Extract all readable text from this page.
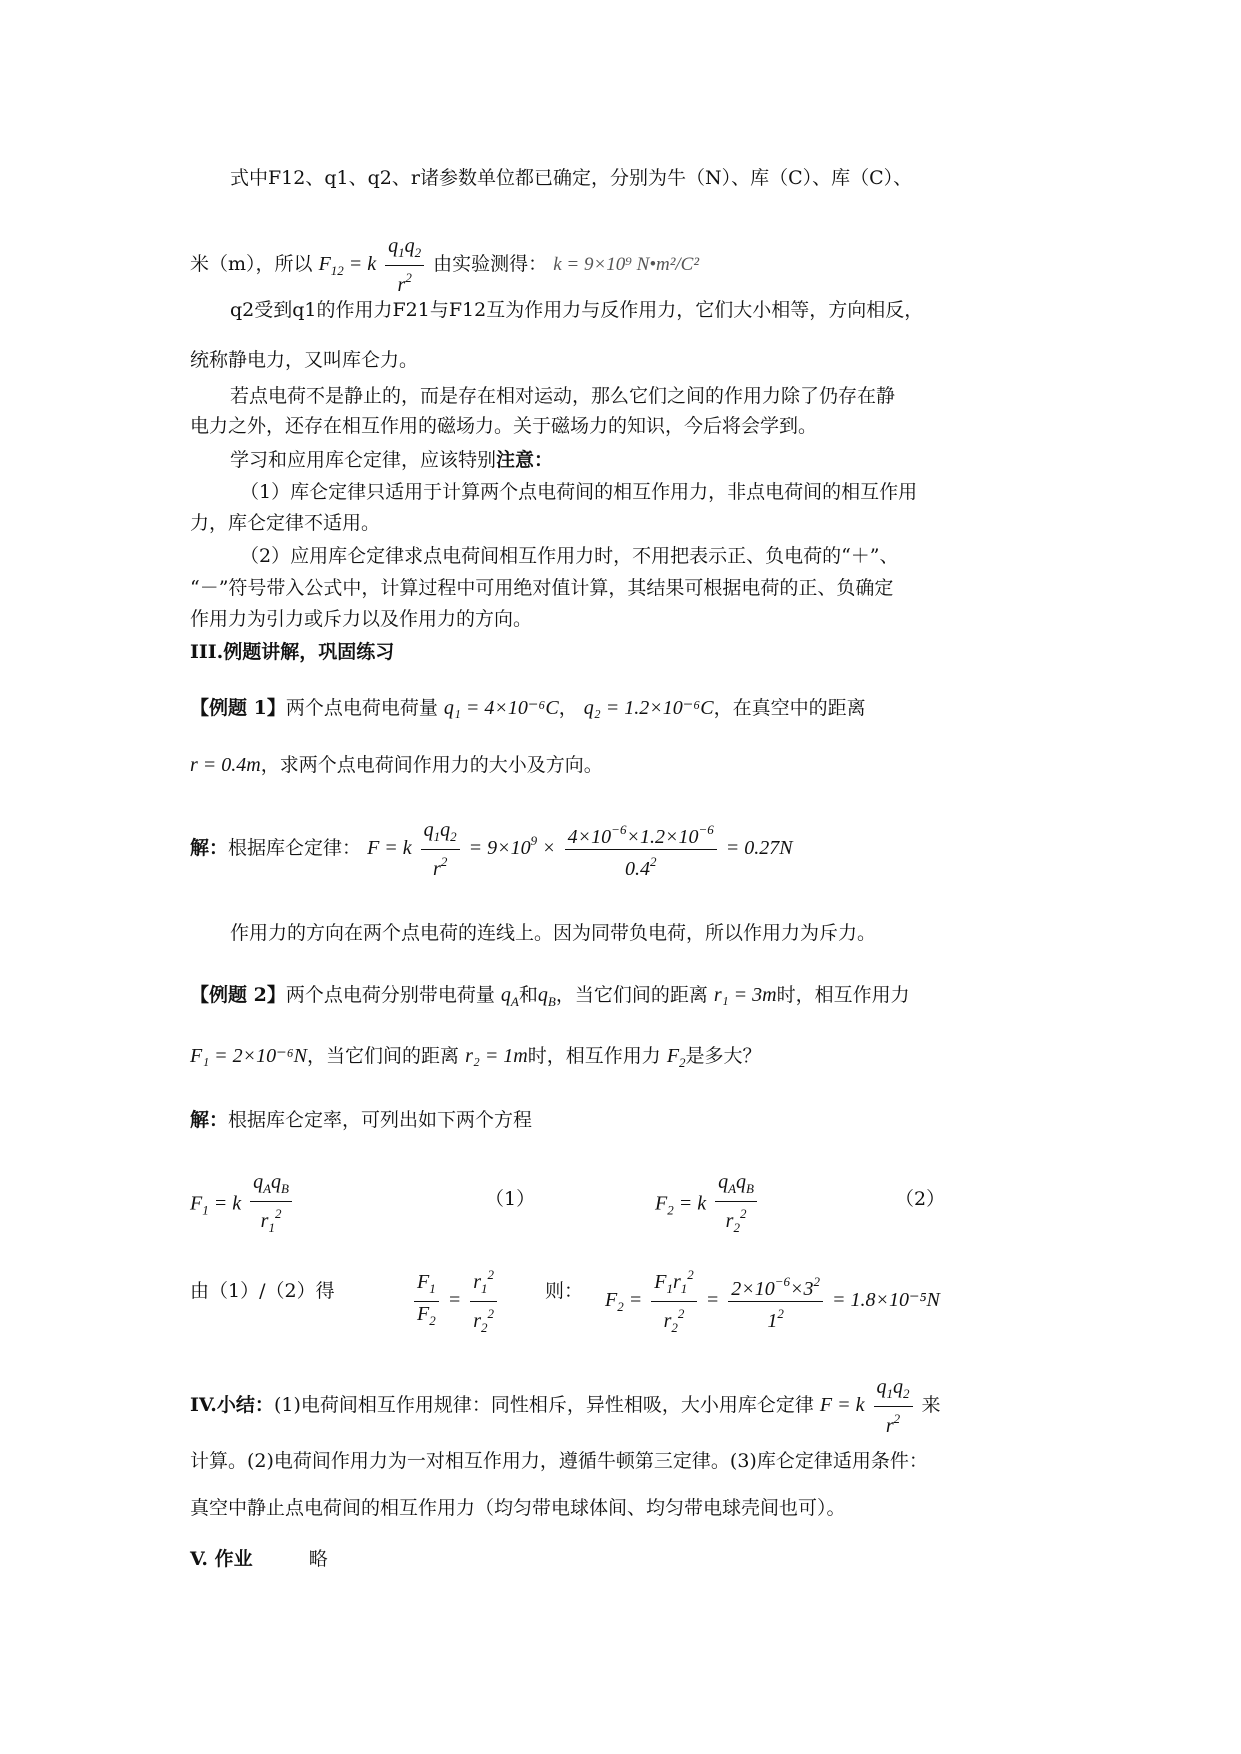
式中F12、q1、q2、r诸参数单位都已确定，分别为牛（N）、库（C）、库（C）、
米（m），所以 $F_{12} = k \frac{q_1q_2}{r^2}$ 由实验测得： k = 9×10⁹ N•m²/C²
q2受到q1的作用力F21与F12互为作用力与反作用力，它们大小相等，方向相反，
统称静电力，又叫库仑力。
若点电荷不是静止的，而是存在相对运动，那么它们之间的作用力除了仍存在静
电力之外，还存在相互作用的磁场力。关于磁场力的知识，今后将会学到。
学习和应用库仑定律，应该特别注意：
（1）库仑定律只适用于计算两个点电荷间的相互作用力，非点电荷间的相互作用
力，库仑定律不适用。
（2）应用库仑定律求点电荷间相互作用力时，不用把表示正、负电荷的“＋”、
“－”符号带入公式中，计算过程中可用绝对值计算，其结果可根据电荷的正、负确定
作用力为引力或斥力以及作用力的方向。
III.例题讲解，巩固练习
【例题 1】两个点电荷电荷量 q₁ = 4×10⁻⁶C， q₂ = 1.2×10⁻⁶C，在真空中的距离
r = 0.4m，求两个点电荷间作用力的大小及方向。
解：根据库仑定律： F = k $\frac{q_1q_2}{r^2} = 9\times 10^9 \times \frac{4\times 10^{-6}\times 1.2\times 10^{-6}}{0.4^2} = 0.27N$
作用力的方向在两个点电荷的连线上。因为同带负电荷，所以作用力为斥力。
【例题 2】两个点电荷分别带电荷量 $q_A$和$q_B$，当它们间的距离 r₁ = 3m时，相互作用力
F₁ = 2×10⁻⁶N，当它们间的距离 r₂ = 1m时，相互作用力 $F_2$是多大？
解：根据库仑定率，可列出如下两个方程
$F_1 = k \frac{q_Aq_B}{r_1^2}$	（1）	$F_2 = k \frac{q_Aq_B}{r_2^2}$	（2）
由（1）/（2）得	$\frac{F_1}{F_2} = \frac{r_1^2}{r_2^2}$	则： $F_2 = \frac{F_1r_1^2}{r_2^2} = \frac{2\times 10^{-6}\times 3^2}{1^2} = 1.8\times 10^{-5}N$
IV.小结：(1)电荷间相互作用规律：同性相斥，异性相吸，大小用库仑定律 F = k $\frac{q_1q_2}{r^2}$ 来
计算。(2)电荷间作用力为一对相互作用力，遵循牛顿第三定律。(3)库仑定律适用条件：
真空中静止点电荷间的相互作用力（均匀带电球体间、均匀带电球壳间也可）。
V. 作业	略
